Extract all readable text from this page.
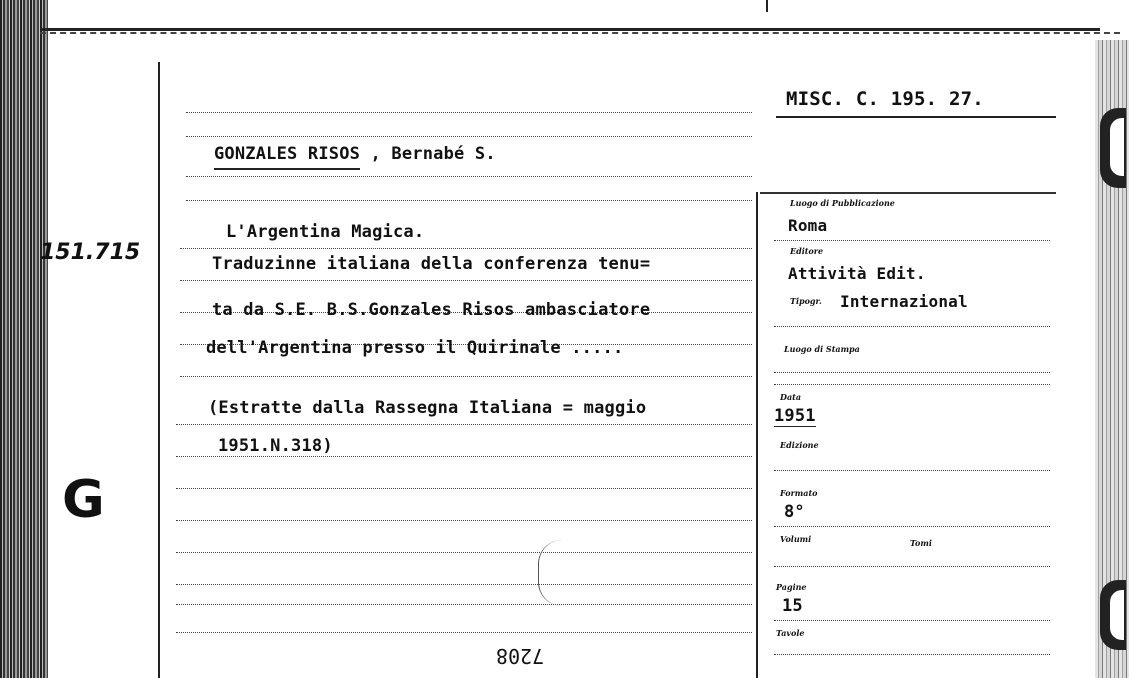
MISC. C. 195. 27.
151.715
G
GONZALES RISOS , Bernabé S.
L'Argentina Magica.
Traduzinne italiana della conferenza tenu=
ta da S.E. B.S.Gonzales Risos ambasciatore
dell'Argentina presso il Quirinale .....
(Estratte dalla Rassegna Italiana = maggio
1951.N.318)
7208
Luogo di Pubblicazione
Roma
Editore
Attività Edit.
Tipogr. Internazional
Luogo di Stampa
Data
1951
Edizione
Formato
8°
Volumi	Tomi
Pagine
15
Tavole
